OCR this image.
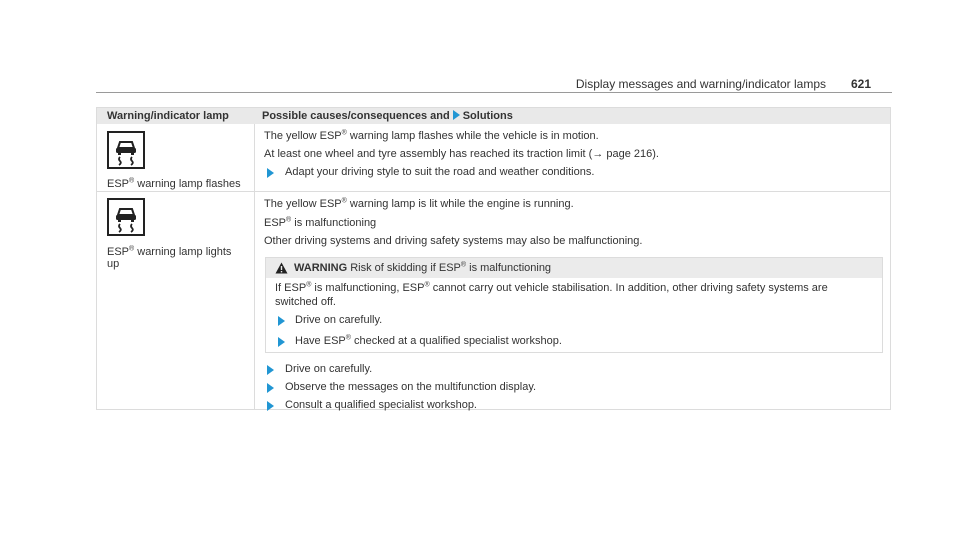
Display messages and warning/indicator lamps 621
Warning/indicator lamp	Possible causes/consequences and Solutions
ESP® warning lamp flashes
The yellow ESP® warning lamp flashes while the vehicle is in motion.
At least one wheel and tyre assembly has reached its traction limit (→ page 216).
Adapt your driving style to suit the road and weather conditions.
ESP® warning lamp lights up
The yellow ESP® warning lamp is lit while the engine is running.
ESP® is malfunctioning
Other driving systems and driving safety systems may also be malfunctioning.
Drive on carefully.
Observe the messages on the multifunction display.
Consult a qualified specialist workshop.
WARNING Risk of skidding if ESP® is malfunctioning
If ESP® is malfunctioning, ESP® cannot carry out vehicle stabilisation. In addition, other driving safety systems are
switched off.
Drive on carefully.
Have ESP® checked at a qualified specialist workshop.
